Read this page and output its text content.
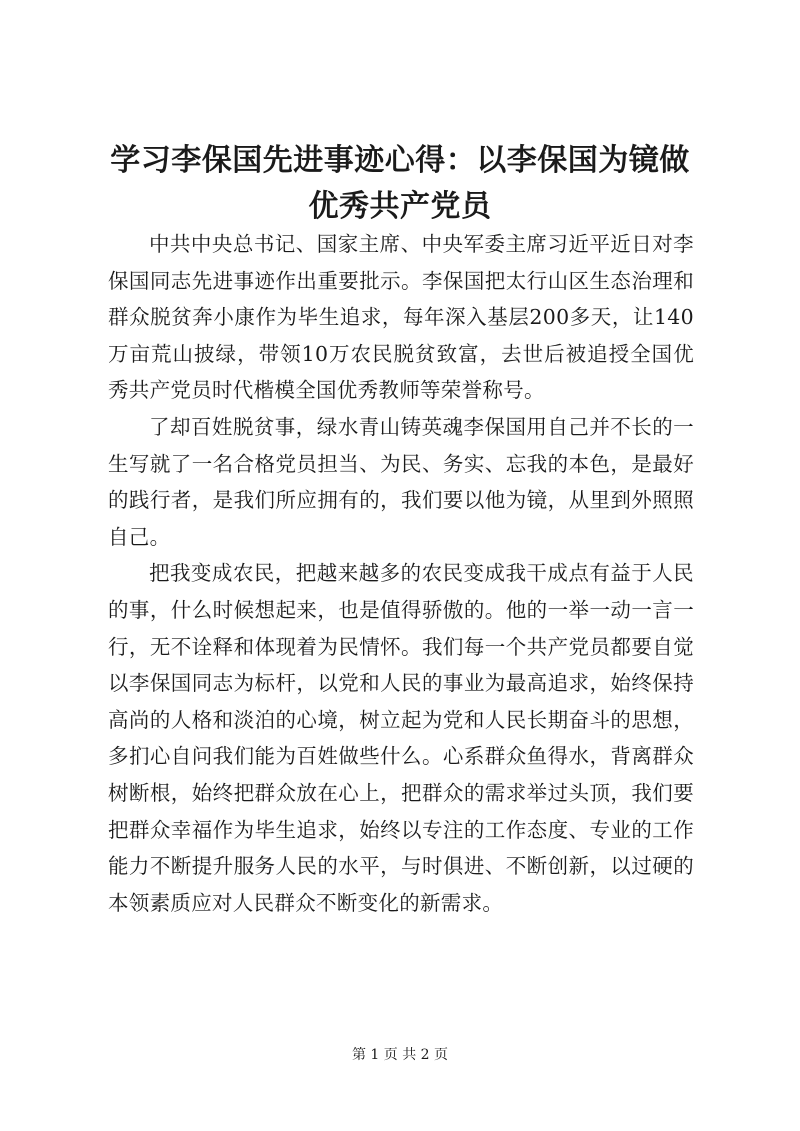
学习李保国先进事迹心得：以李保国为镜做优秀共产党员

中共中央总书记、国家主席、中央军委主席习近平近日对李保国同志先进事迹作出重要批示。李保国把太行山区生态治理和群众脱贫奔小康作为毕生追求，每年深入基层200多天，让140万亩荒山披绿，带领10万农民脱贫致富，去世后被追授全国优秀共产党员时代楷模全国优秀教师等荣誉称号。

了却百姓脱贫事，绿水青山铸英魂李保国用自己并不长的一生写就了一名合格党员担当、为民、务实、忘我的本色，是最好的践行者，是我们所应拥有的，我们要以他为镜，从里到外照照自己。

把我变成农民，把越来越多的农民变成我干成点有益于人民的事，什么时候想起来，也是值得骄傲的。他的一举一动一言一行，无不诠释和体现着为民情怀。我们每一个共产党员都要自觉以李保国同志为标杆，以党和人民的事业为最高追求，始终保持高尚的人格和淡泊的心境，树立起为党和人民长期奋斗的思想，多扪心自问我们能为百姓做些什么。心系群众鱼得水，背离群众树断根，始终把群众放在心上，把群众的需求举过头顶，我们要把群众幸福作为毕生追求，始终以专注的工作态度、专业的工作能力不断提升服务人民的水平，与时俱进、不断创新，以过硬的本领素质应对人民群众不断变化的新需求。

第 1 页 共 2 页
